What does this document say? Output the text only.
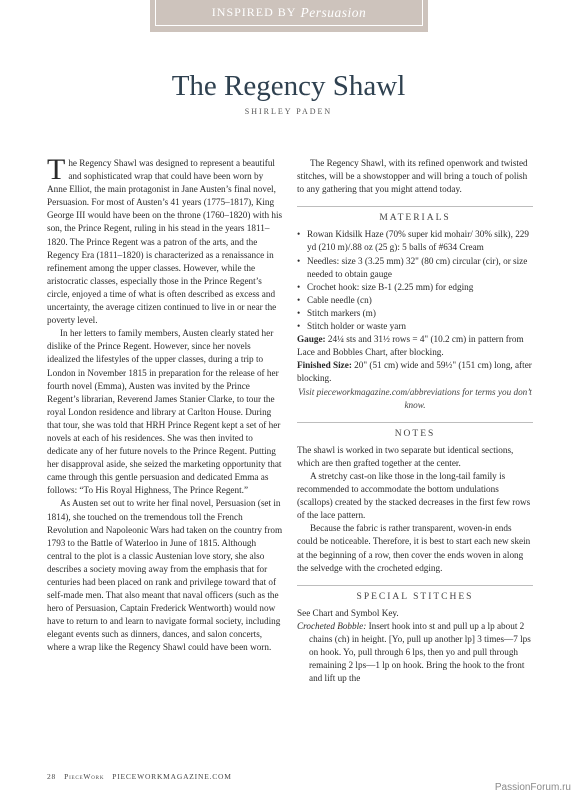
INSPIRED BY Persuasion
The Regency Shawl
SHIRLEY PADEN

The Regency Shawl was designed to represent a beautiful and sophisticated wrap that could have been worn by Anne Elliot, the main protagonist in Jane Austen’s final novel, Persuasion. For most of Austen’s 41 years (1775–1817), King George III would have been on the throne (1760–1820) with his son, the Prince Regent, ruling in his stead in the years 1811–1820. The Prince Regent was a patron of the arts, and the Regency Era (1811–1820) is characterized as a renaissance in refinement among the upper classes. However, while the aristocratic classes, especially those in the Prince Regent’s circle, enjoyed a time of what is often described as excess and uncertainty, the average citizen continued to live in or near the poverty level.

In her letters to family members, Austen clearly stated her dislike of the Prince Regent. However, since her novels idealized the lifestyles of the upper classes, during a trip to London in November 1815 in preparation for the release of her fourth novel (Emma), Austen was invited by the Prince Regent’s librarian, Reverend James Stanier Clarke, to tour the royal London residence and library at Carlton House. During that tour, she was told that HRH Prince Regent kept a set of her novels at each of his residences. She was then invited to dedicate any of her future novels to the Prince Regent. Putting her disapproval aside, she seized the marketing opportunity that came through this gentle persuasion and dedicated Emma as follows: “To His Royal Highness, The Prince Regent.”

As Austen set out to write her final novel, Persuasion (set in 1814), she touched on the tremendous toll the French Revolution and Napoleonic Wars had taken on the country from 1793 to the Battle of Waterloo in June of 1815. Although central to the plot is a classic Austenian love story, she also describes a society moving away from the emphasis that for centuries had been placed on rank and privilege toward that of self-made men. That also meant that naval officers (such as the hero of Persuasion, Captain Frederick Wentworth) would now have to return to and learn to navigate formal society, including elegant events such as dinners, dances, and salon concerts, where a wrap like the Regency Shawl could have been worn.

The Regency Shawl, with its refined openwork and twisted stitches, will be a showstopper and will bring a touch of polish to any gathering that you might attend today.

MATERIALS

• Rowan Kidsilk Haze (70% super kid mohair/ 30% silk), 229 yd (210 m)/.88 oz (25 g): 5 balls of #634 Cream

• Needles: size 3 (3.25 mm) 32" (80 cm) circular (cir), or size needed to obtain gauge

• Crochet hook: size B-1 (2.25 mm) for edging

• Cable needle (cn)

• Stitch markers (m)

• Stitch holder or waste yarn

Gauge: 24¼ sts and 31½ rows = 4" (10.2 cm) in pattern from Lace and Bobbles Chart, after blocking.

Finished Size: 20" (51 cm) wide and 59½" (151 cm) long, after blocking.

Visit pieceworkmagazine.com/abbreviations for terms you don’t know.

NOTES

The shawl is worked in two separate but identical sections, which are then grafted together at the center.

A stretchy cast-on like those in the long-tail family is recommended to accommodate the bottom undulations (scallops) created by the stacked decreases in the first few rows of the lace pattern.

Because the fabric is rather transparent, woven-in ends could be noticeable. Therefore, it is best to start each new skein at the beginning of a row, then cover the ends woven in along the selvedge with the crocheted edging.

SPECIAL STITCHES

See Chart and Symbol Key.

Crocheted Bobble: Insert hook into st and pull up a lp about 2 chains (ch) in height. [Yo, pull up another lp] 3 times—7 lps on hook. Yo, pull through 6 lps, then yo and pull through remaining 2 lps—1 lp on hook. Bring the hook to the front and lift up the

28 PieceWork PIECEWORKMAGAZINE.COM
PassionForum.ru
